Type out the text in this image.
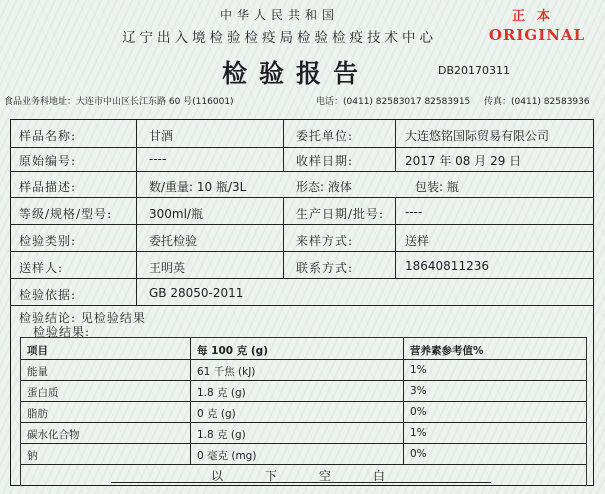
中华人民共和国
辽宁出入境检验检疫局检验检疫技术中心
正本
ORIGINAL
检验报告	DB20170311
食品业务科地址：大连市中山区长江东路 60 号(116001)	电话：(0411) 82583017 82583915 传真：(0411) 82583936
样品名称:	甘酒	委托单位:	大连悠铭国际贸易有限公司
原始编号:	----	收样日期:	2017 年 08 月 29 日
样品描述:	数/重量: 10 瓶/3L	形态: 液体	包装: 瓶
等级/规格/型号:	300ml/瓶	生产日期/批号: ----
检验类别:	委托检验	来样方式:	送样
送样人:	王明英	联系方式:	18640811236
检验依据:	GB 28050-2011
检验结论: 见检验结果
检验结果:
项目	每 100 克 (g)	营养素参考值%
能量	61 千焦 (kJ)	1%
蛋白质	1.8 克 (g)	3%
脂肪	0 克 (g)	0%
碳水化合物	1.8 克 (g)	1%
钠	0 毫克 (mg)	0%
以下空白
